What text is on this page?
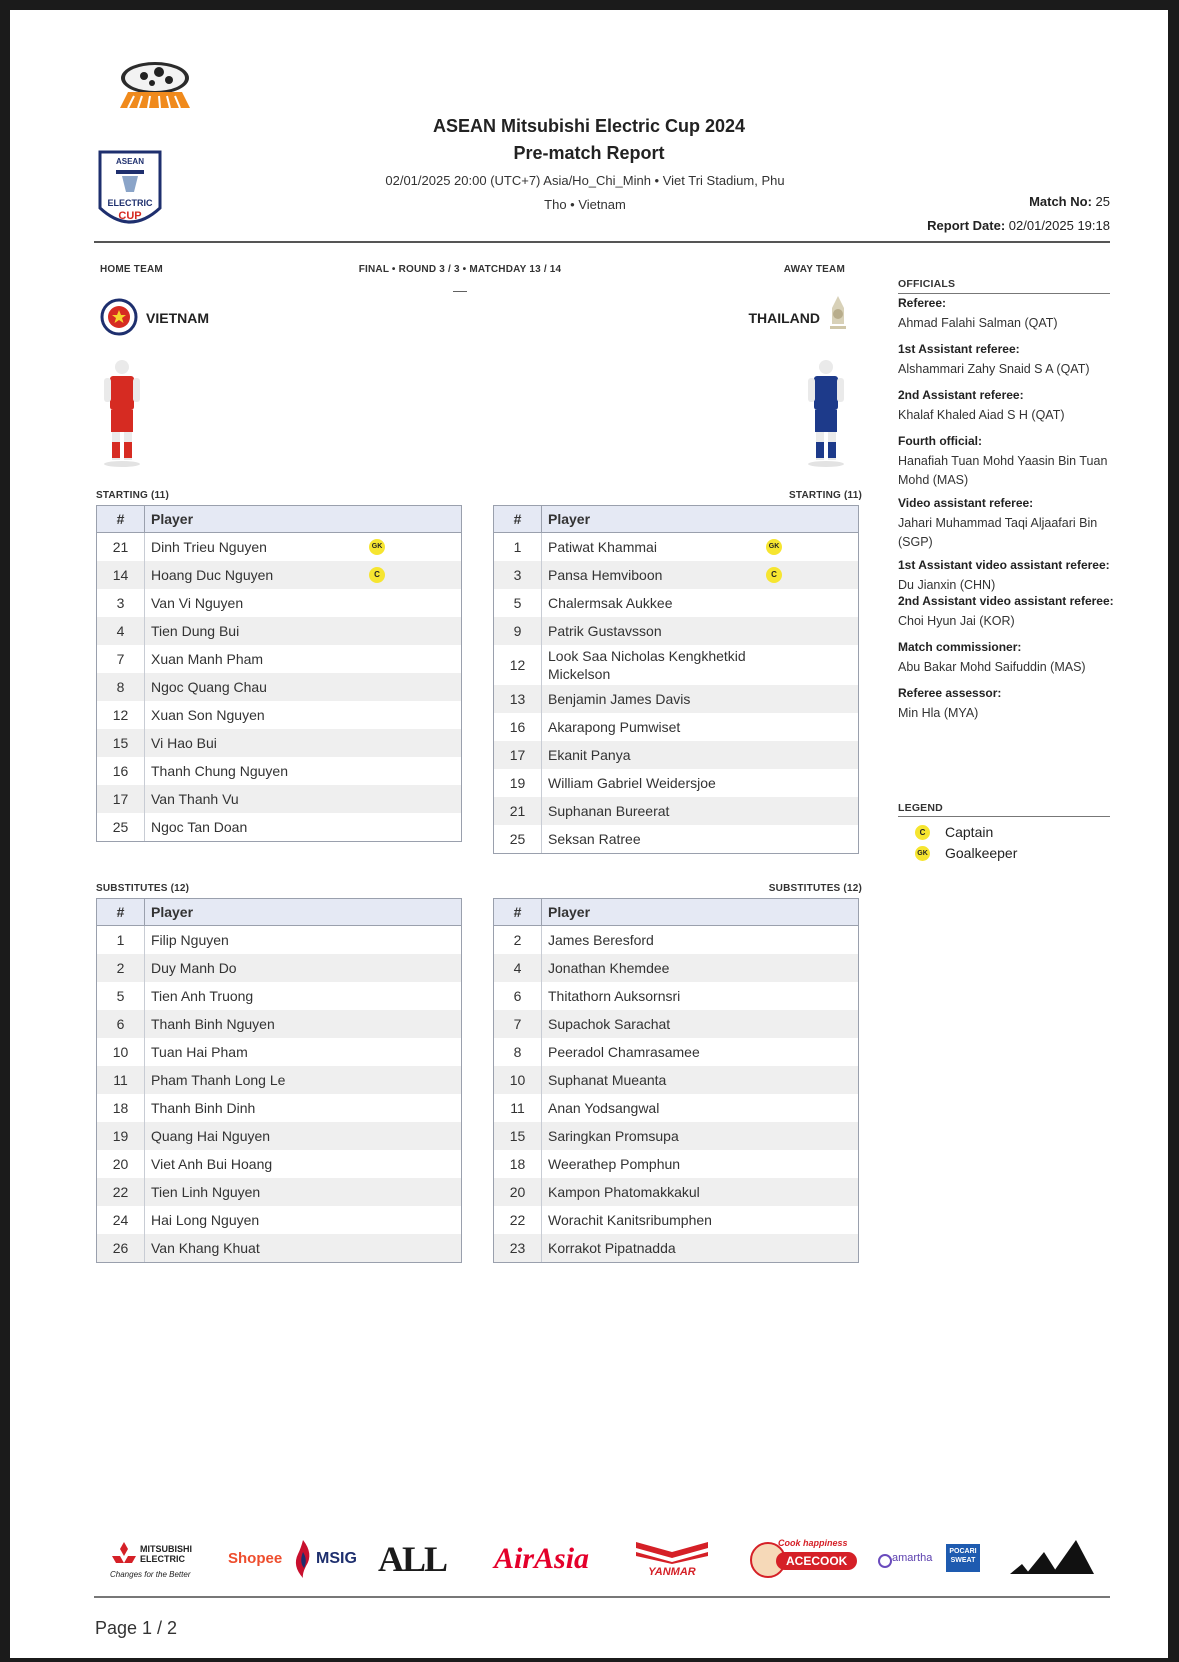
ELECTRIC
ASEAN
CUP
ASEAN Mitsubishi Electric Cup 2024
Pre-match Report
02/01/2025 20:00 (UTC+7) Asia/Ho_Chi_Minh • Viet Tri Stadium, Phu
Tho • Vietnam	Match No: 25
Report Date: 02/01/2025 19:18
HOME TEAM	FINAL • ROUND 3 / 3 • MATCHDAY 13 / 14
—
AWAY TEAM
VIETNAM	THAILAND
STARTING (11)	STARTING (11)
#	Player
21	Dinh Trieu Nguyen GK

14	Hoang Duc Nguyen C

3	Van Vi Nguyen
4	Tien Dung Bui
7	Xuan Manh Pham
8	Ngoc Quang Chau
12	Xuan Son Nguyen
15	Vi Hao Bui
16	Thanh Chung Nguyen
17	Van Thanh Vu
25	Ngoc Tan Doan
#	Player
1	Patiwat Khammai GK

3	Pansa Hemviboon C

5	Chalermsak Aukkee
9	Patrik Gustavsson
12	Look Saa Nicholas Kengkhetkid Mickelson
13	Benjamin James Davis
16	Akarapong Pumwiset
17	Ekanit Panya
19	William Gabriel Weidersjoe
21	Suphanan Bureerat
25	Seksan Ratree
SUBSTITUTES (12)	SUBSTITUTES (12)
#	Player
1	Filip Nguyen
2	Duy Manh Do
5	Tien Anh Truong
6	Thanh Binh Nguyen
10	Tuan Hai Pham
11	Pham Thanh Long Le
18	Thanh Binh Dinh
19	Quang Hai Nguyen
20	Viet Anh Bui Hoang
22	Tien Linh Nguyen
24	Hai Long Nguyen
26	Van Khang Khuat
#	Player
2	James Beresford
4	Jonathan Khemdee
6	Thitathorn Auksornsri
7	Supachok Sarachat
8	Peeradol Chamrasamee
10	Suphanat Mueanta
11	Anan Yodsangwal
15	Saringkan Promsupa
18	Weerathep Pomphun
20	Kampon Phatomakkakul
22	Worachit Kanitsribumphen
23	Korrakot Pipatnadda
OFFICIALS
Referee:
Ahmad Falahi Salman (QAT)
1st Assistant referee:
Alshammari Zahy Snaid S A (QAT)
2nd Assistant referee:
Khalaf Khaled Aiad S H (QAT)
Fourth official:
Hanafiah Tuan Mohd Yaasin Bin Tuan Mohd (MAS)
Video assistant referee:
Jahari Muhammad Taqi Aljaafari Bin (SGP)
1st Assistant video assistant referee:
Du Jianxin (CHN)
2nd Assistant video assistant referee:
Choi Hyun Jai (KOR)
Match commissioner:
Abu Bakar Mohd Saifuddin (MAS)
Referee assessor:
Min Hla (MYA)
LEGEND
C	Captain
GK Goalkeeper
MITSUBISHI ELECTRIC
Changes for the Better
Shopee MSIG ALL AirAsia	YANMAR
Cook happiness
ACECOOK	amartha
POCARI SWEAT
Page 1 / 2
